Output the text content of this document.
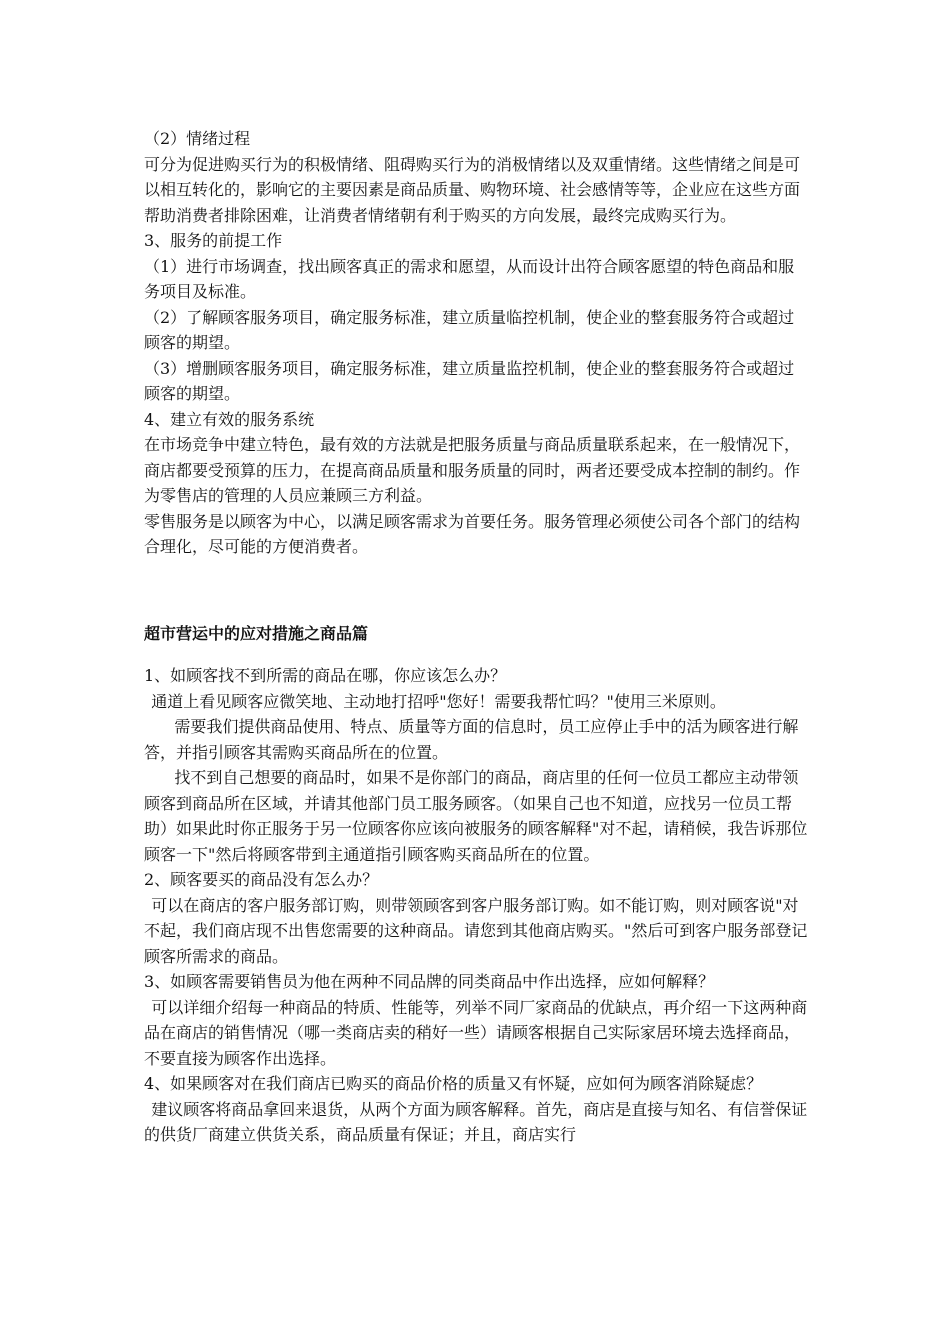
（2）情绪过程

可分为促进购买行为的积极情绪、阻碍购买行为的消极情绪以及双重情绪。这些情绪之间是可以相互转化的，影响它的主要因素是商品质量、购物环境、社会感情等等，企业应在这些方面帮助消费者排除困难，让消费者情绪朝有利于购买的方向发展，最终完成购买行为。

3、服务的前提工作

（1）进行市场调查，找出顾客真正的需求和愿望，从而设计出符合顾客愿望的特色商品和服务项目及标准。

（2）了解顾客服务项目，确定服务标准，建立质量临控机制，使企业的整套服务符合或超过顾客的期望。

（3）增删顾客服务项目，确定服务标准，建立质量监控机制，使企业的整套服务符合或超过顾客的期望。

4、建立有效的服务系统

在市场竞争中建立特色，最有效的方法就是把服务质量与商品质量联系起来，在一般情况下，商店都要受预算的压力，在提高商品质量和服务质量的同时，两者还要受成本控制的制约。作为零售店的管理的人员应兼顾三方利益。

零售服务是以顾客为中心，以满足顾客需求为首要任务。服务管理必须使公司各个部门的结构合理化，尽可能的方便消费者。

超市营运中的应对措施之商品篇

1、如顾客找不到所需的商品在哪，你应该怎么办？

通道上看见顾客应微笑地、主动地打招呼"您好！需要我帮忙吗？"使用三米原则。

需要我们提供商品使用、特点、质量等方面的信息时，员工应停止手中的活为顾客进行解答，并指引顾客其需购买商品所在的位置。

找不到自己想要的商品时，如果不是你部门的商品，商店里的任何一位员工都应主动带领顾客到商品所在区域，并请其他部门员工服务顾客。（如果自己也不知道，应找另一位员工帮助）如果此时你正服务于另一位顾客你应该向被服务的顾客解释"对不起，请稍候，我告诉那位顾客一下"然后将顾客带到主通道指引顾客购买商品所在的位置。

2、顾客要买的商品没有怎么办？

可以在商店的客户服务部订购，则带领顾客到客户服务部订购。如不能订购，则对顾客说"对不起，我们商店现不出售您需要的这种商品。请您到其他商店购买。"然后可到客户服务部登记顾客所需求的商品。

3、如顾客需要销售员为他在两种不同品牌的同类商品中作出选择，应如何解释？

可以详细介绍每一种商品的特质、性能等，列举不同厂家商品的优缺点，再介绍一下这两种商品在商店的销售情况（哪一类商店卖的稍好一些）请顾客根据自己实际家居环境去选择商品，不要直接为顾客作出选择。

4、如果顾客对在我们商店已购买的商品价格的质量又有怀疑，应如何为顾客消除疑虑？

建议顾客将商品拿回来退货，从两个方面为顾客解释。首先，商店是直接与知名、有信誉保证的供货厂商建立供货关系，商品质量有保证；并且，商店实行
